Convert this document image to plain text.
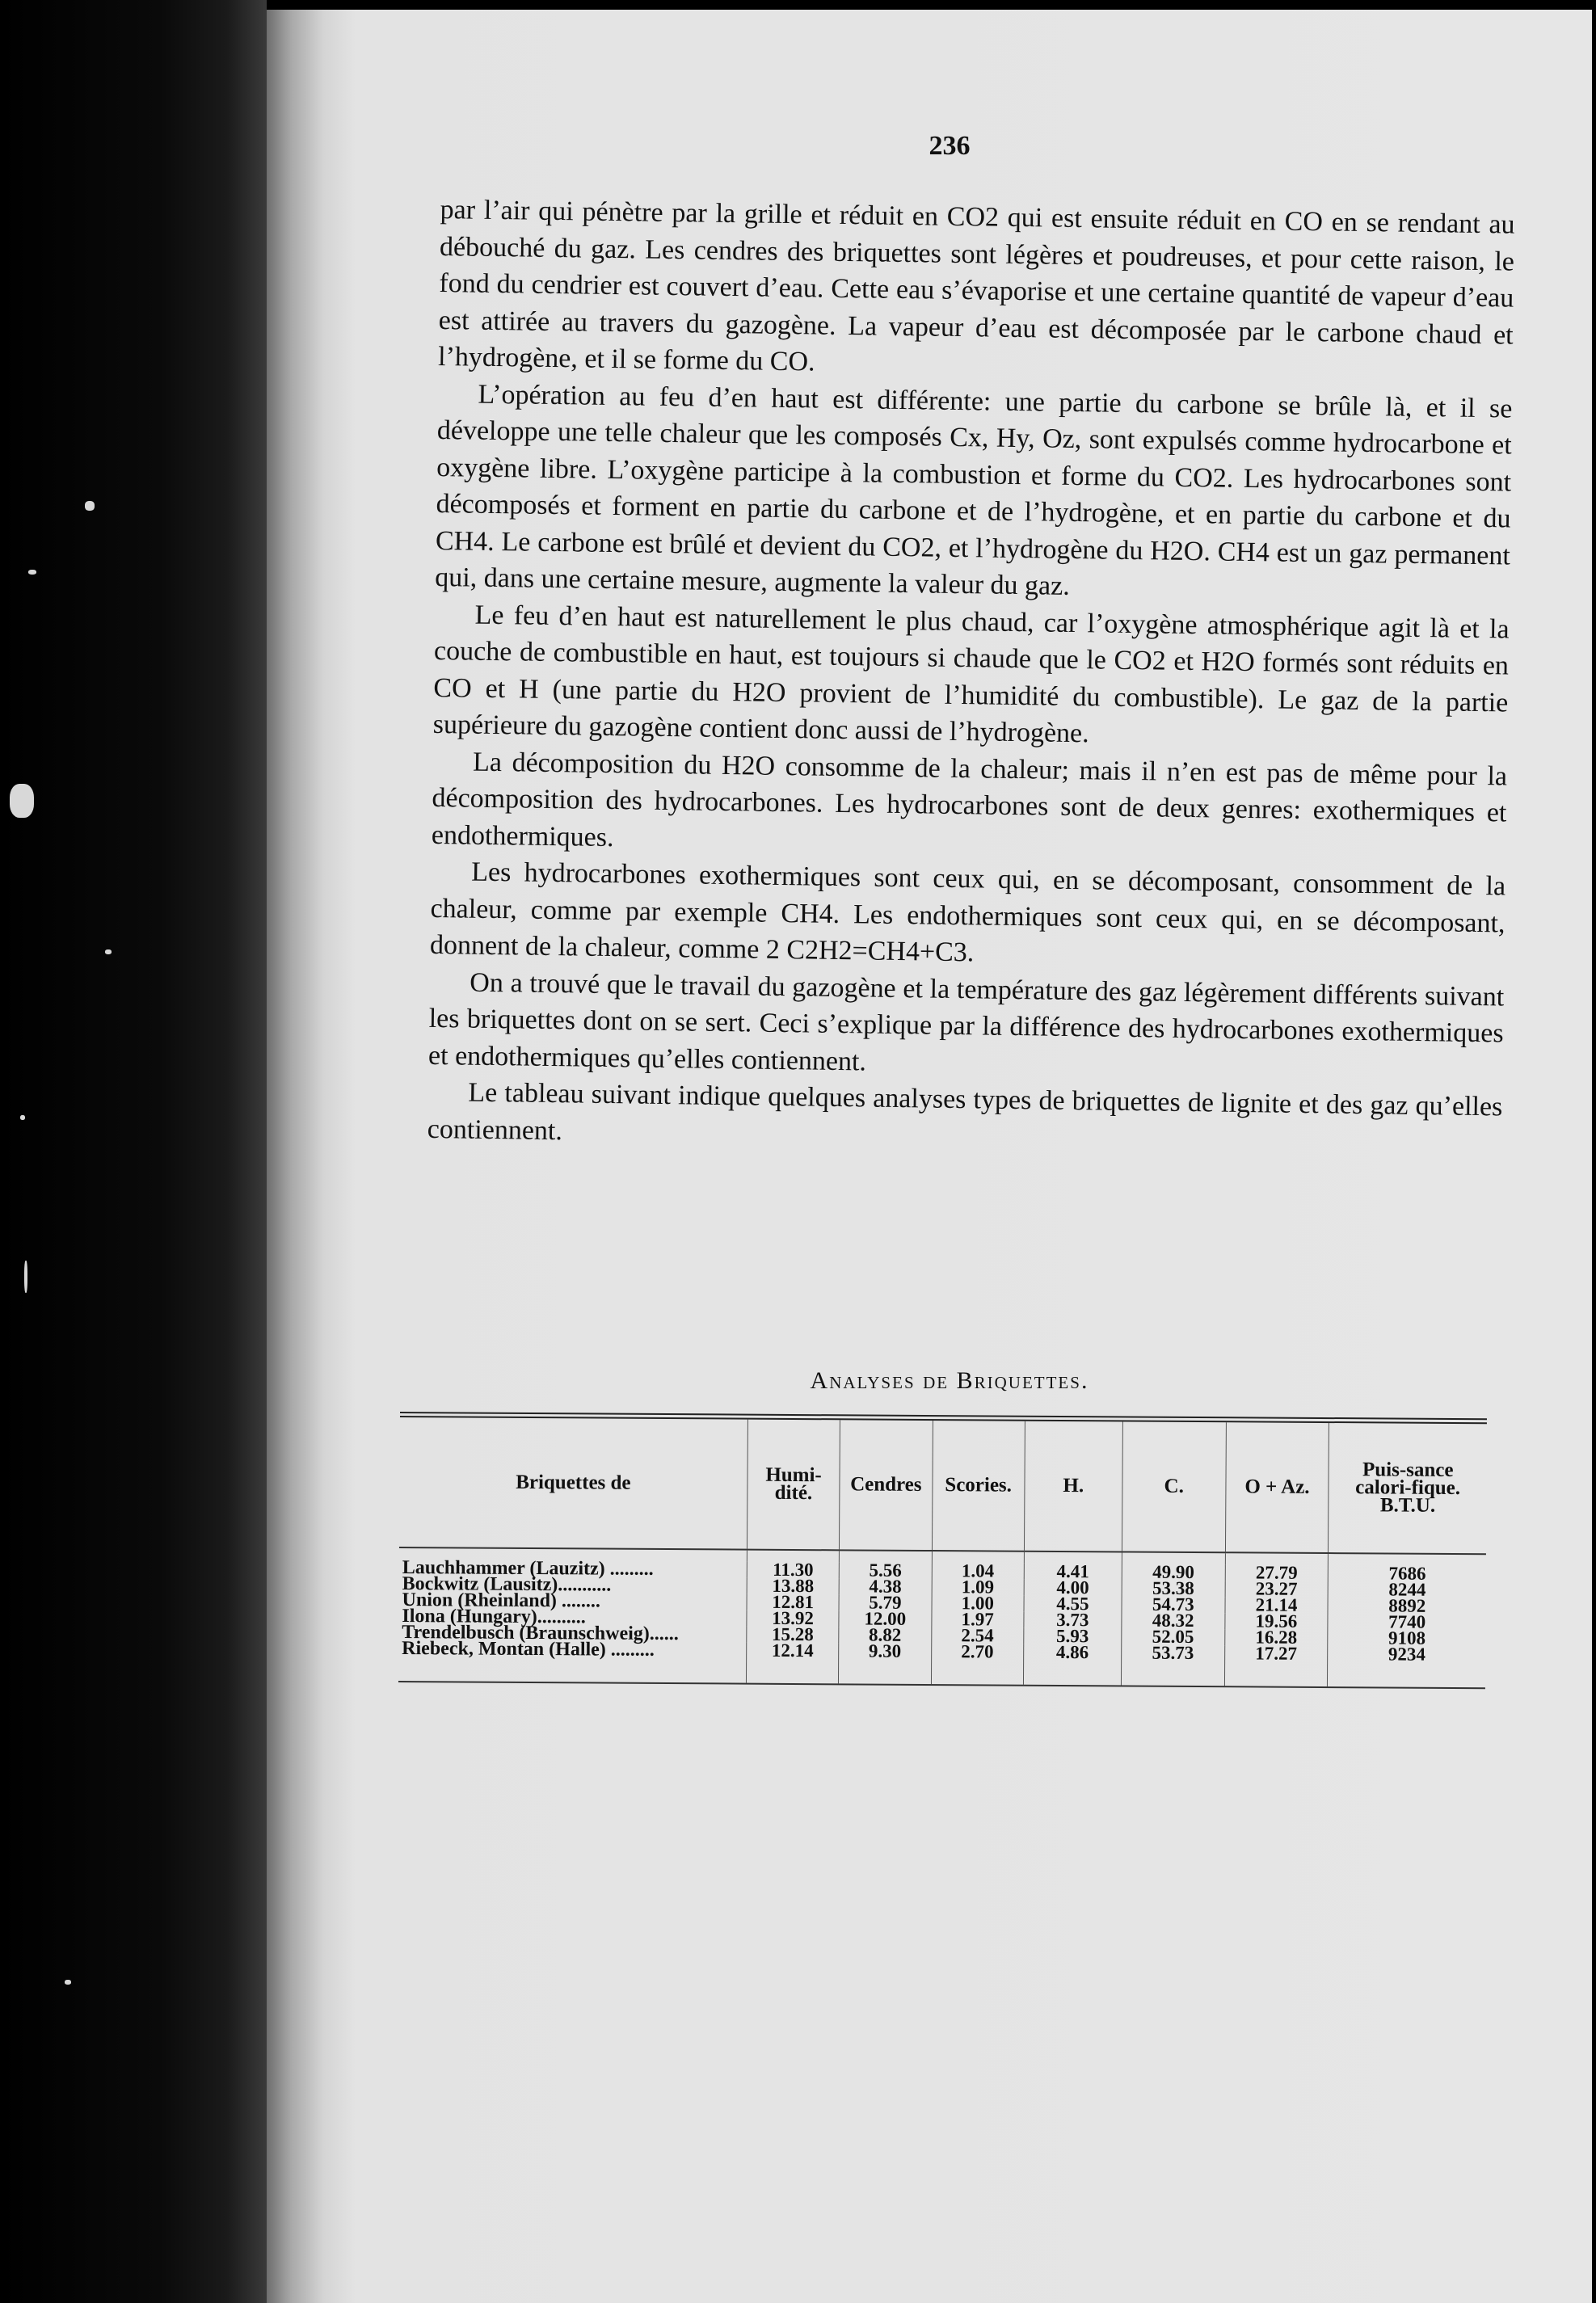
236

par l’air qui pénètre par la grille et réduit en CO2 qui est ensuite réduit en CO en se rendant au débouché du gaz. Les cendres des briquettes sont légères et poudreuses, et pour cette raison, le fond du cendrier est couvert d’eau. Cette eau s’évaporise et une certaine quantité de vapeur d’eau est attirée au travers du gazogène. La vapeur d’eau est décomposée par le carbone chaud et l’hydrogène, et il se forme du CO.

L’opération au feu d’en haut est différente: une partie du carbone se brûle là, et il se développe une telle chaleur que les composés Cx, Hy, Oz, sont expulsés comme hydrocarbone et oxygène libre. L’oxygène participe à la combustion et forme du CO2. Les hydrocarbones sont décomposés et forment en partie du carbone et de l’hydrogène, et en partie du carbone et du CH4. Le carbone est brûlé et devient du CO2, et l’hydrogène du H2O. CH4 est un gaz permanent qui, dans une certaine mesure, augmente la valeur du gaz.

Le feu d’en haut est naturellement le plus chaud, car l’oxygène atmosphérique agit là et la couche de combustible en haut, est toujours si chaude que le CO2 et H2O formés sont réduits en CO et H (une partie du H2O provient de l’humidité du combustible). Le gaz de la partie supérieure du gazogène contient donc aussi de l’hydrogène.

La décomposition du H2O consomme de la chaleur; mais il n’en est pas de même pour la décomposition des hydrocarbones. Les hydrocarbones sont de deux genres: exothermiques et endothermiques.

Les hydrocarbones exothermiques sont ceux qui, en se décomposant, consomment de la chaleur, comme par exemple CH4. Les endothermiques sont ceux qui, en se décomposant, donnent de la chaleur, comme 2 C2H2=CH4+C3.

On a trouvé que le travail du gazogène et la température des gaz légèrement différents suivant les briquettes dont on se sert. Ceci s’explique par la différence des hydrocarbones exothermiques et endothermiques qu’elles contiennent.

Le tableau suivant indique quelques analyses types de briquettes de lignite et des gaz qu’elles contiennent.

Analyses de Briquettes.
Briquettes de	Humi-dité.	Cendres	Scories.	H.	C.	O + Az.	Puis-sance calori-fique. B.T.U.

Lauchhammer (Lauzitz) .........	11.30	5.56	1.04	4.41	49.90	27.79	7686
Bockwitz (Lausitz)...........	13.88	4.38	1.09	4.00	53.38	23.27	8244
Union (Rheinland) ........	12.81	5.79	1.00	4.55	54.73	21.14	8892
Ilona (Hungary)..........	13.92	12.00	1.97	3.73	48.32	19.56	7740
Trendelbusch (Braunschweig)......	15.28	8.82	2.54	5.93	52.05	16.28	9108
Riebeck, Montan (Halle) .........	12.14	9.30	2.70	4.86	53.73	17.27	9234
